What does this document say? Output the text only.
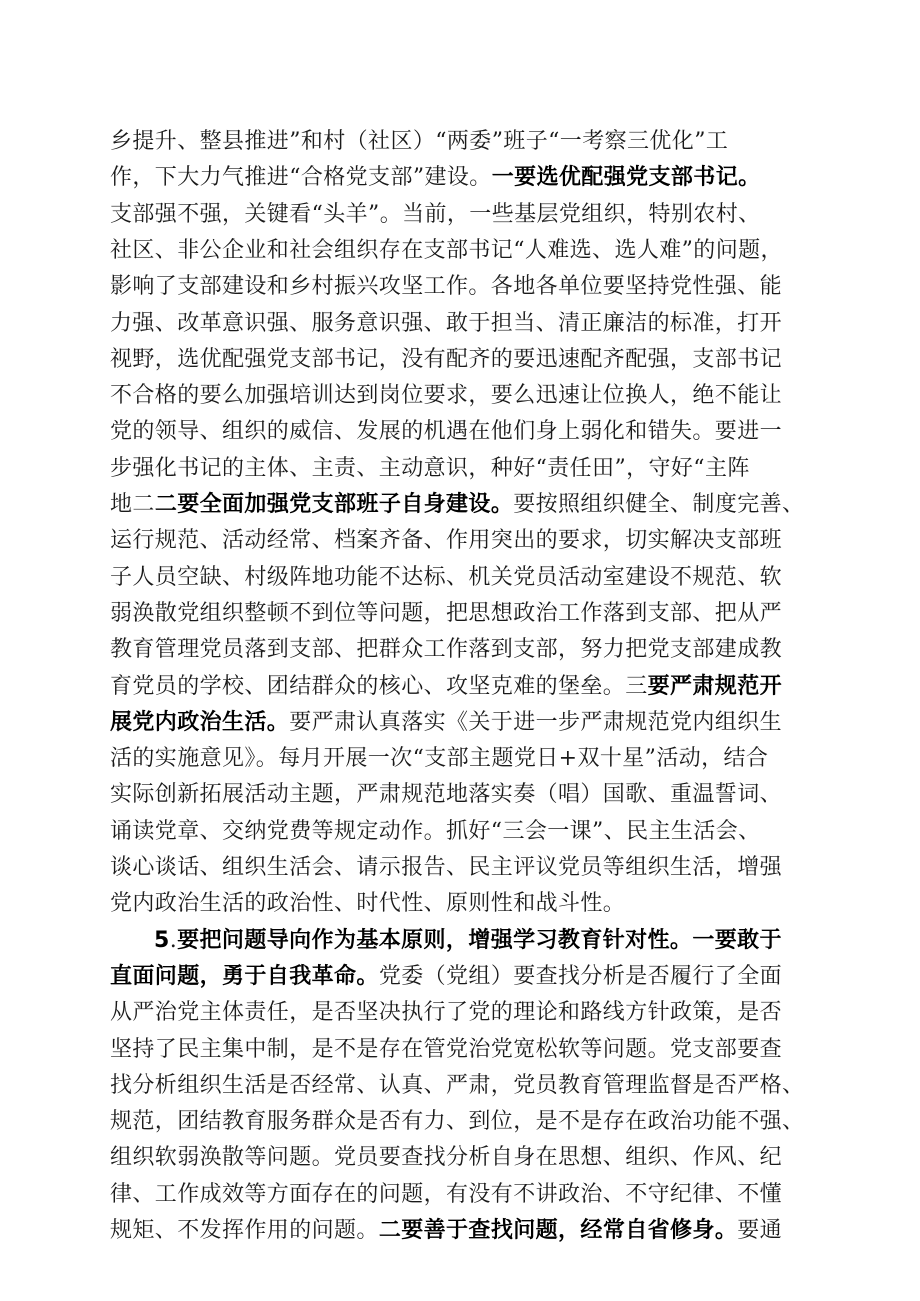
乡提升、整县推进”和村（社区）“两委”班子“一考察三优化”工
作，下大力气推进“合格党支部”建设。一要选优配强党支部书记。
支部强不强，关键看“头羊”。当前，一些基层党组织，特别农村、
社区、非公企业和社会组织存在支部书记“人难选、选人难”的问题，
影响了支部建设和乡村振兴攻坚工作。各地各单位要坚持党性强、能
力强、改革意识强、服务意识强、敢于担当、清正廉洁的标准，打开
视野，选优配强党支部书记，没有配齐的要迅速配齐配强，支部书记
不合格的要么加强培训达到岗位要求，要么迅速让位换人，绝不能让
党的领导、组织的威信、发展的机遇在他们身上弱化和错失。要进一
步强化书记的主体、主责、主动意识，种好“责任田”，守好“主阵
地二二要全面加强党支部班子自身建设。要按照组织健全、制度完善、
运行规范、活动经常、档案齐备、作用突出的要求，切实解决支部班
子人员空缺、村级阵地功能不达标、机关党员活动室建设不规范、软
弱涣散党组织整顿不到位等问题，把思想政治工作落到支部、把从严
教育管理党员落到支部、把群众工作落到支部，努力把党支部建成教
育党员的学校、团结群众的核心、攻坚克难的堡垒。三要严肃规范开
展党内政治生活。要严肃认真落实《关于进一步严肃规范党内组织生
活的实施意见》。每月开展一次“支部主题党日+双十星”活动，结合
实际创新拓展活动主题，严肃规范地落实奏（唱）国歌、重温誓词、
诵读党章、交纳党费等规定动作。抓好“三会一课”、民主生活会、
谈心谈话、组织生活会、请示报告、民主评议党员等组织生活，增强
党内政治生活的政治性、时代性、原则性和战斗性。
5.要把问题导向作为基本原则，增强学习教育针对性。一要敢于
直面问题，勇于自我革命。党委（党组）要查找分析是否履行了全面
从严治党主体责任，是否坚决执行了党的理论和路线方针政策，是否
坚持了民主集中制，是不是存在管党治党宽松软等问题。党支部要查
找分析组织生活是否经常、认真、严肃，党员教育管理监督是否严格、
规范，团结教育服务群众是否有力、到位，是不是存在政治功能不强、
组织软弱涣散等问题。党员要查找分析自身在思想、组织、作风、纪
律、工作成效等方面存在的问题，有没有不讲政治、不守纪律、不懂
规矩、不发挥作用的问题。二要善于查找问题，经常自省修身。要通
